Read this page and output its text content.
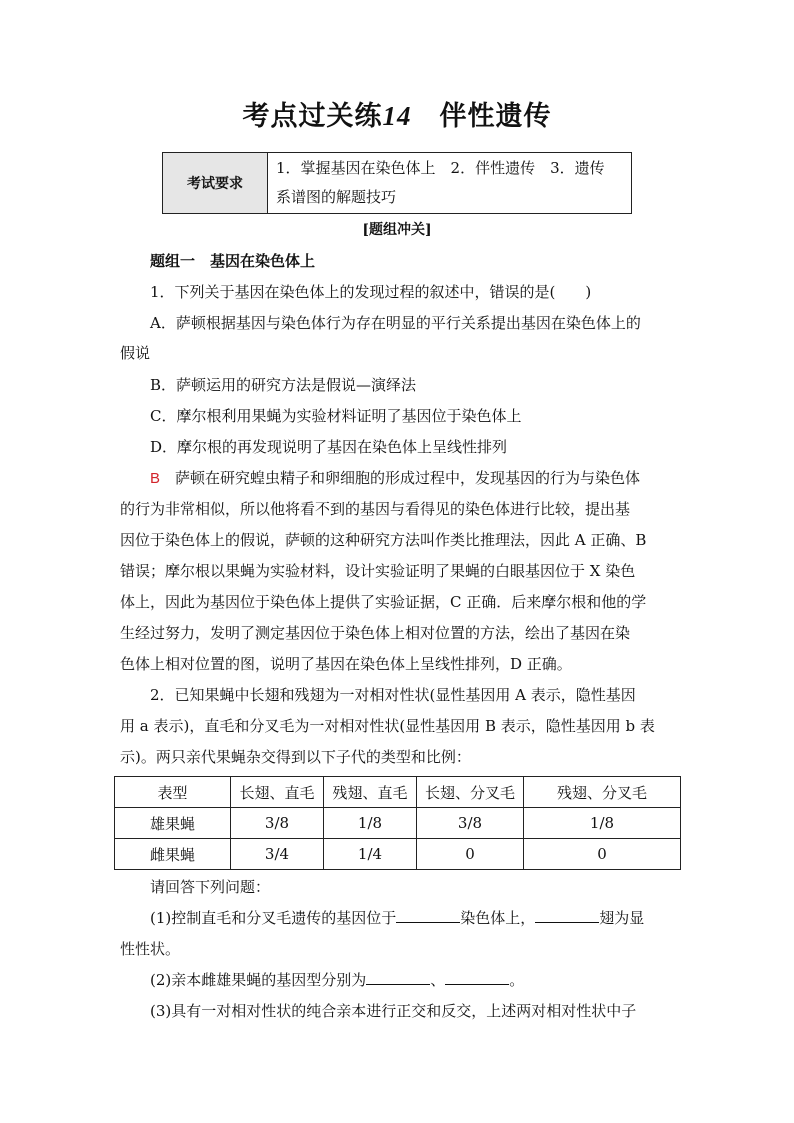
考点过关练14　 伴性遗传
考试要求	
1．掌握基因在染色体上　2．伴性遗传　3．遗传
系谱图的解题技巧
[题组冲关]
题组一　基因在染色体上
1．下列关于基因在染色体上的发现过程的叙述中，错误的是(　　)
A．萨顿根据基因与染色体行为存在明显的平行关系提出基因在染色体上的
假说
B．萨顿运用的研究方法是假说—演绎法
C．摩尔根利用果蝇为实验材料证明了基因位于染色体上
D．摩尔根的再发现说明了基因在染色体上呈线性排列
B　 萨顿在研究蝗虫精子和卵细胞的形成过程中，发现基因的行为与染色体
的行为非常相似，所以他将看不到的基因与看得见的染色体进行比较，提出基
因位于染色体上的假说，萨顿的这种研究方法叫作类比推理法，因此 A 正确、B
错误；摩尔根以果蝇为实验材料，设计实验证明了果蝇的白眼基因位于 X 染色
体上，因此为基因位于染色体上提供了实验证据，C 正确．后来摩尔根和他的学
生经过努力，发明了测定基因位于染色体上相对位置的方法，绘出了基因在染
色体上相对位置的图，说明了基因在染色体上呈线性排列，D 正确。
2．已知果蝇中长翅和残翅为一对相对性状(显性基因用 A 表示，隐性基因
用 a 表示)，直毛和分叉毛为一对相对性状(显性基因用 B 表示，隐性基因用 b 表
示)。两只亲代果蝇杂交得到以下子代的类型和比例：
表型	长翅、直毛	残翅、直毛	长翅、分叉毛	残翅、分叉毛
雄果蝇	3/8	1/8	3/8	1/8
雌果蝇	3/4	1/4	0	0
请回答下列问题：
(1)控制直毛和分叉毛遗传的基因位于	染色体上，	翅为显
性性状。
(2)亲本雌雄果蝇的基因型分别为	、	。
(3)具有一对相对性状的纯合亲本进行正交和反交，上述两对相对性状中子
